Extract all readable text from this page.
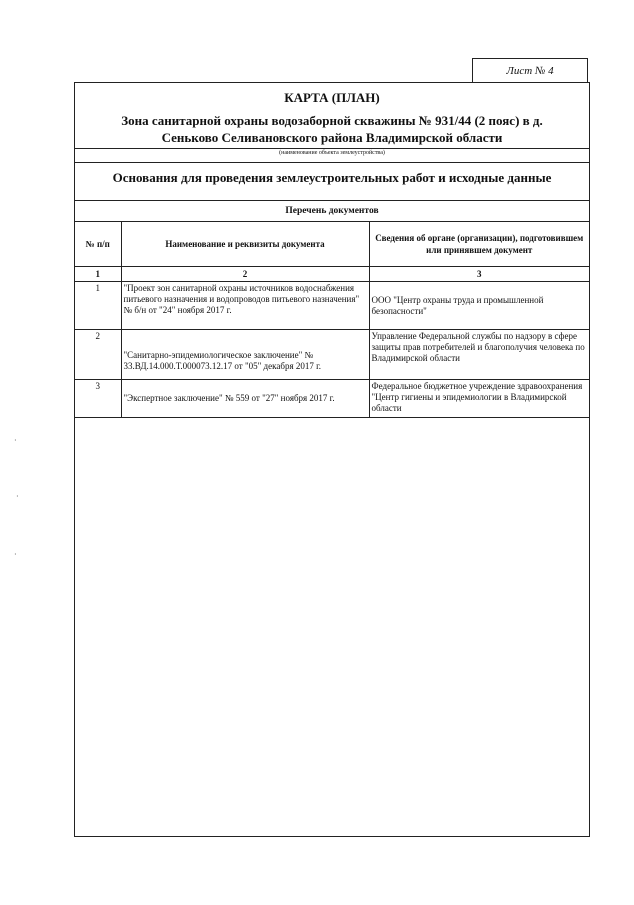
Лист № 4
КАРТА (ПЛАН)
Зона санитарной охраны водозаборной скважины № 931/44 (2 пояс) в д.
Сеньково Селивановского района Владимирской области
(наименование объекта землеустройства)
Основания для проведения землеустроительных работ и исходные данные
Перечень документов
№ п/п	Наименование и реквизиты документа	Сведения об органе (организации), подготовившем или принявшем документ
1	2	3
1	"Проект зон санитарной охраны источников водоснабжения питьевого назначения и водопроводов питьевого назначения" № б/н от "24" ноября 2017 г.	ООО "Центр охраны труда и промышленной безопасности"
2	"Санитарно-эпидемиологическое заключение" № 33.ВД.14.000.Т.000073.12.17 от "05" декабря 2017 г.	Управление Федеральной службы по надзору в сфере защиты прав потребителей и благополучия человека по Владимирской области
3	"Экспертное заключение" № 559 от "27" ноября 2017 г.	Федеральное бюджетное учреждение здравоохранения "Центр гигиены и эпидемиологии в Владимирской области
·
·
·
